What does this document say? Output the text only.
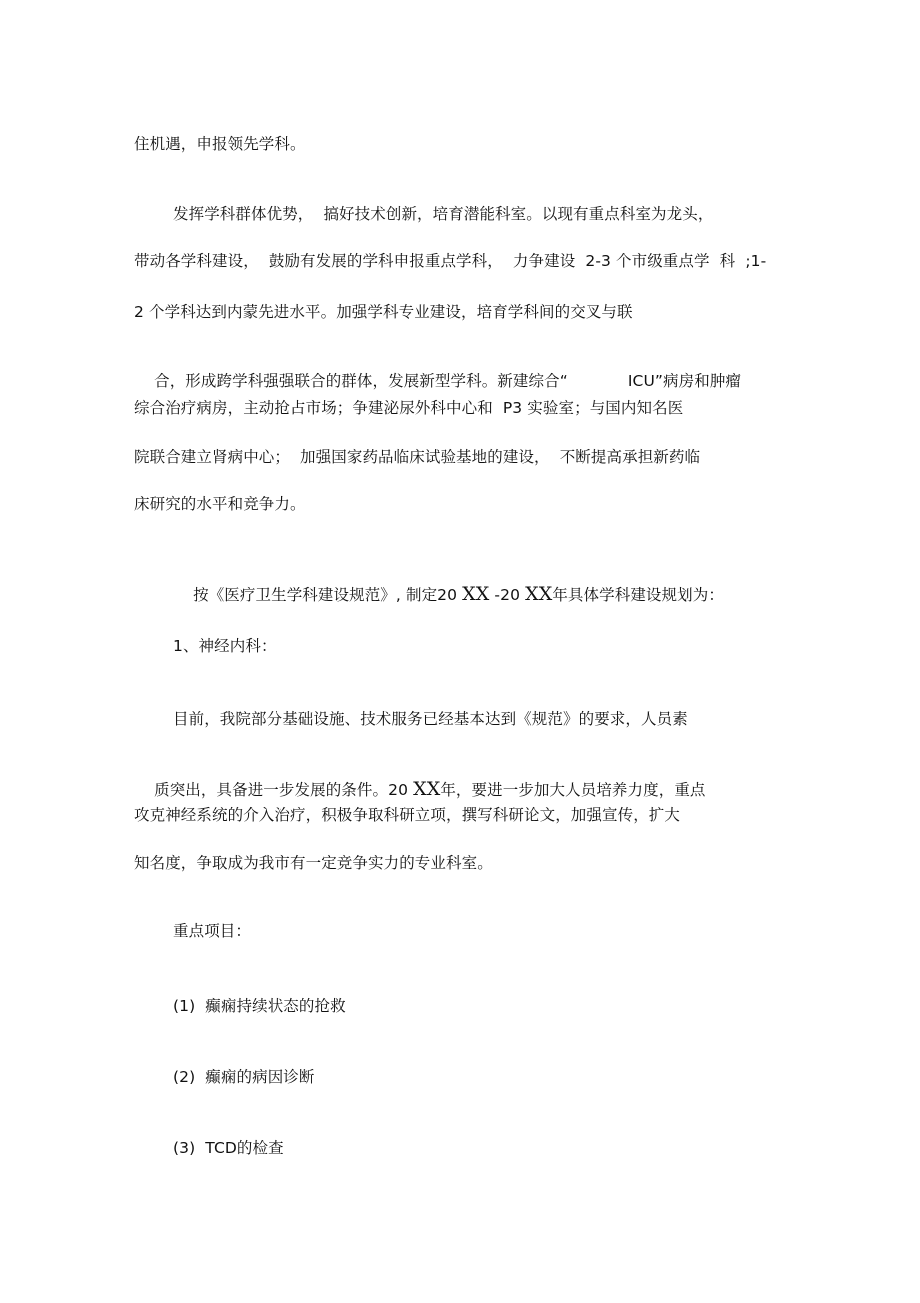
住机遇，申报领先学科。
发挥学科群体优势，  搞好技术创新，培育潜能科室。以现有重点科室为龙头，
带动各学科建设，  鼓励有发展的学科申报重点学科，  力争建设  2-3 个市级重点学  科  ;1-
2 个学科达到内蒙先进水平。加强学科专业建设，培育学科间的交叉与联

合，形成跨学科强强联合的群体，发展新型学科。新建综合“	ICU”病房和肿瘤

综合治疗病房，主动抢占市场；争建泌尿外科中心和  P3 实验室；与国内知名医
院联合建立肾病中心；  加强国家药品临床试验基地的建设，  不断提高承担新药临
床研究的水平和竞争力。

按《医疗卫生学科建设规范》, 制定20 XX -20 XX年具体学科建设规划为：

1、神经内科：
目前，我院部分基础设施、技术服务已经基本达到《规范》的要求，人员素

质突出，具备进一步发展的条件。20 XX年，要进一步加大人员培养力度，重点

攻克神经系统的介入治疗，积极争取科研立项，撰写科研论文，加强宣传，扩大
知名度，争取成为我市有一定竞争实力的专业科室。
重点项目：
(1)  癫痫持续状态的抢救
(2)  癫痫的病因诊断
(3)  TCD的检查
